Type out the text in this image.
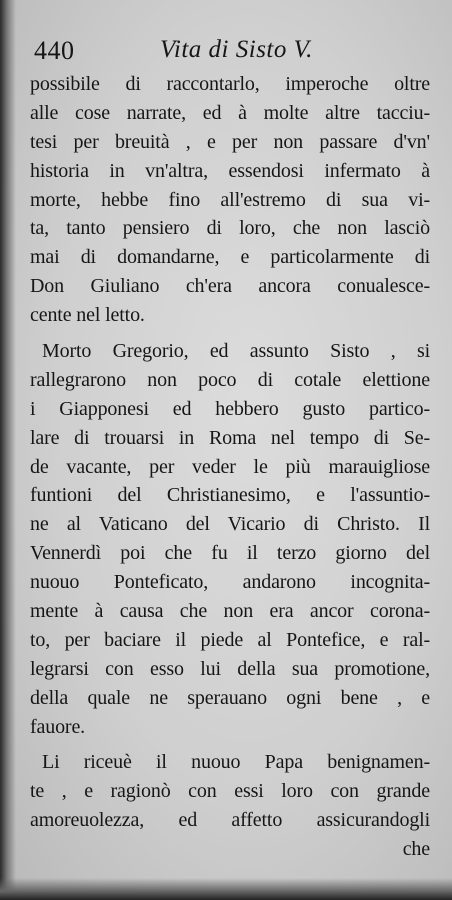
440	Vita di Sisto V.
possibile di raccontarlo, imperoche oltre
alle cose narrate, ed à molte altre tacciu-
tesi per breuità , e per non passare d'vn'
historia in vn'altra, essendosi infermato à
morte, hebbe fino all'estremo di sua vi-
ta, tanto pensiero di loro, che non lasciò
mai di domandarne, e particolarmente di
Don Giuliano ch'era ancora conualesce-
cente nel letto.
Morto Gregorio, ed assunto Sisto , si
rallegrarono non poco di cotale elettione
i Giapponesi ed hebbero gusto partico-
lare di trouarsi in Roma nel tempo di Se-
de vacante, per veder le più marauigliose
funtioni del Christianesimo, e l'assuntio-
ne al Vaticano del Vicario di Christo. Il
Vennerdì poi che fu il terzo giorno del
nuouo Ponteficato, andarono incognita-
mente à causa che non era ancor corona-
to, per baciare il piede al Pontefice, e ral-
legrarsi con esso lui della sua promotione,
della quale ne sperauano ogni bene , e
fauore.
Li riceuè il nuouo Papa benignamen-
te , e ragionò con essi loro con grande
amoreuolezza, ed affetto assicurandogli
che
